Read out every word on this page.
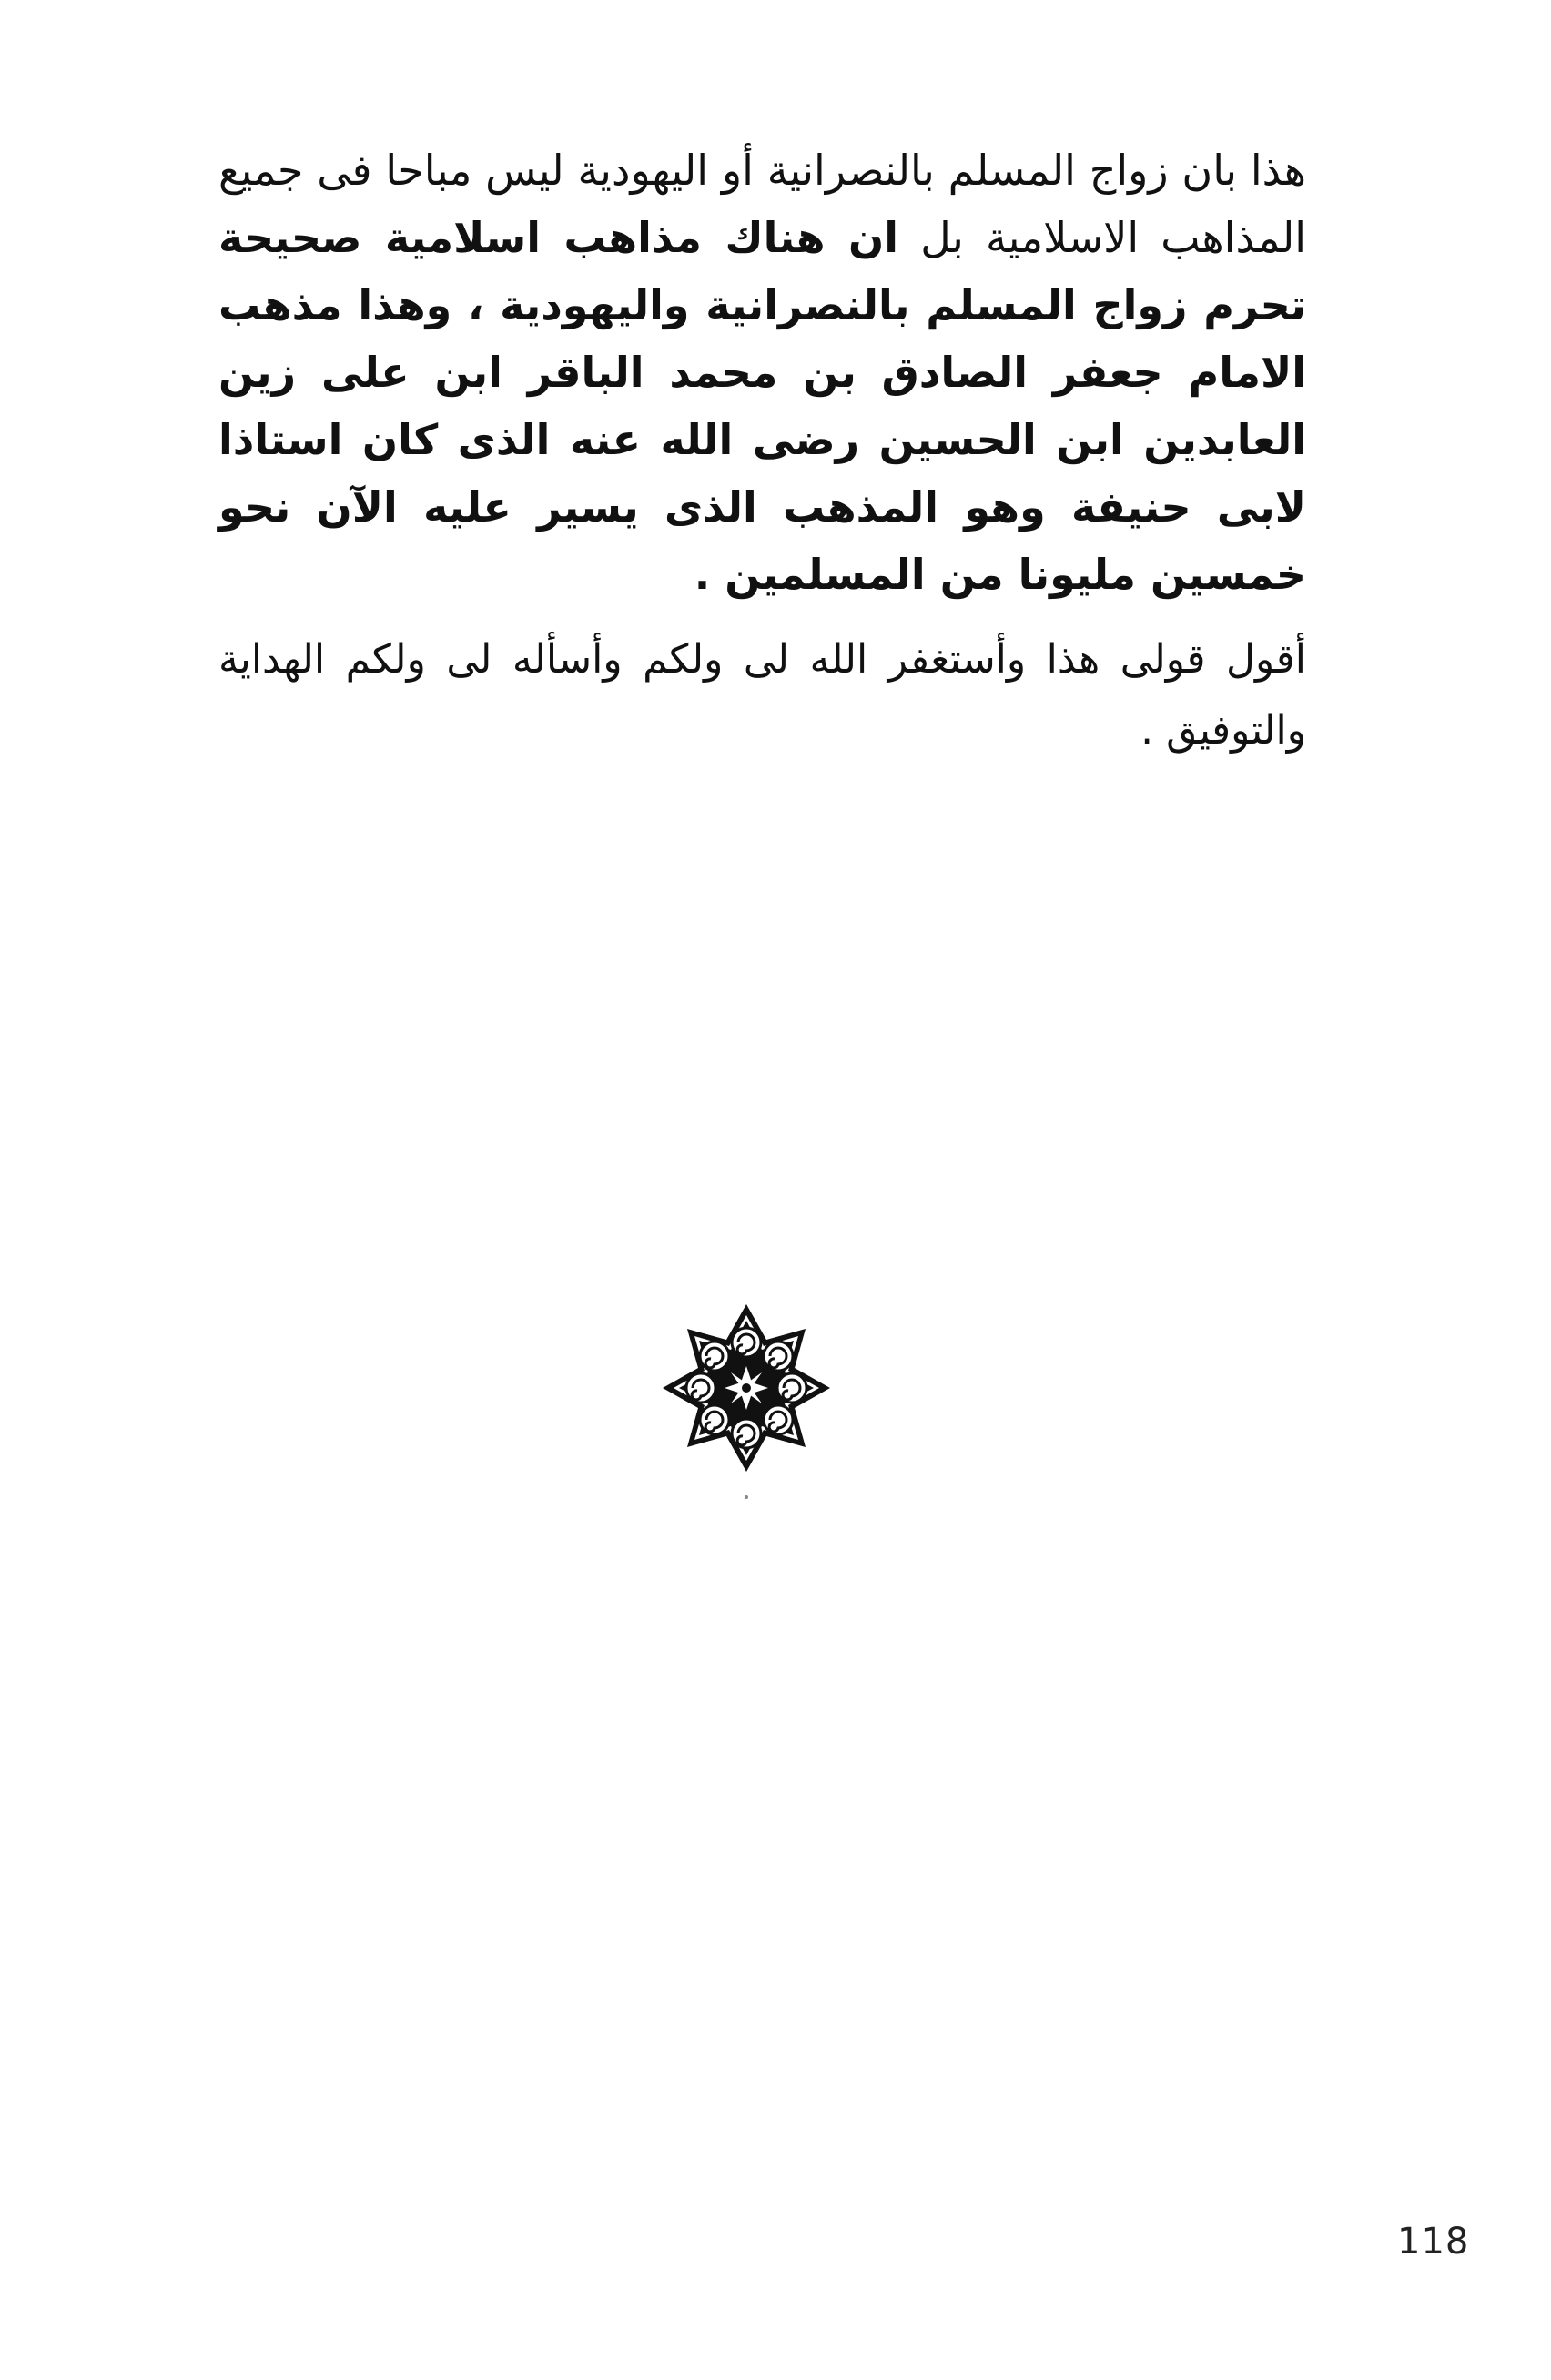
هذا بان زواج المسلم بالنصرانية أو اليهودية ليس مباحا فى جميع المذاهب الاسلامية بل ان هناك مذاهب اسلامية صحيحة تحرم زواج المسلم بالنصرانية واليهودية ، وهذا مذهب الامام جعفر الصادق بن محمد الباقر ابن على زين العابدين ابن الحسين رضى الله عنه الذى كان استاذا لابى حنيفة وهو المذهب الذى يسير عليه الآن نحو خمسين مليونا من المسلمين .

أقول قولى هذا وأستغفر الله لى ولكم وأسأله لى ولكم الهداية والتوفيق .

118
